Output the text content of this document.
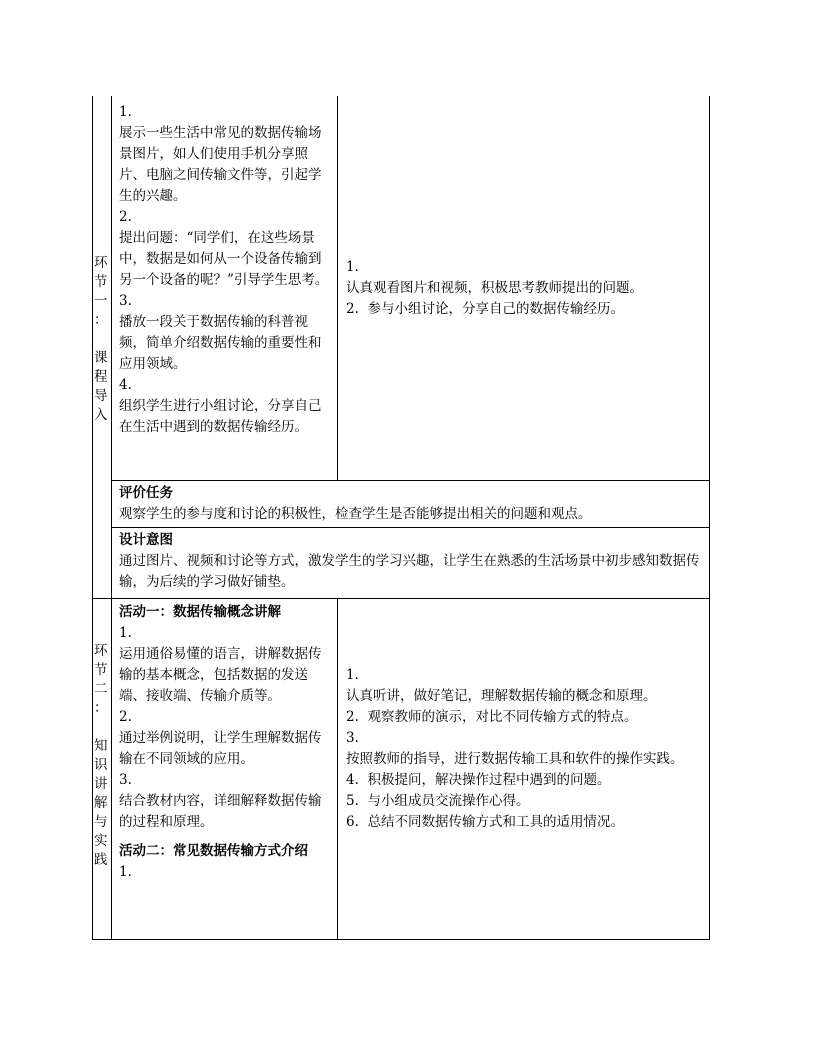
环
节
一
：

课
程
导
入

1.

展示一些生活中常见的数据传输场景图片，如人们使用手机分享照片、电脑之间传输文件等，引起学生的兴趣。

2.

提出问题：“同学们，在这些场景中，数据是如何从一个设备传输到另一个设备的呢？”引导学生思考。

3.

播放一段关于数据传输的科普视频，简单介绍数据传输的重要性和应用领域。

4.

组织学生进行小组讨论，分享自己在生活中遇到的数据传输经历。

1.

认真观看图片和视频，积极思考教师提出的问题。

2.  参与小组讨论，分享自己的数据传输经历。

评价任务

观察学生的参与度和讨论的积极性，检查学生是否能够提出相关的问题和观点。

设计意图

通过图片、视频和讨论等方式，激发学生的学习兴趣，让学生在熟悉的生活场景中初步感知数据传输，为后续的学习做好铺垫。

环
节
二
：

知
识
讲
解
与
实
践

活动一：数据传输概念讲解

1.

运用通俗易懂的语言，讲解数据传输的基本概念，包括数据的发送端、接收端、传输介质等。

2.

通过举例说明，让学生理解数据传输在不同领域的应用。

3.

结合教材内容，详细解释数据传输的过程和原理。

活动二：常见数据传输方式介绍

1.

1.

认真听讲，做好笔记，理解数据传输的概念和原理。

2.  观察教师的演示，对比不同传输方式的特点。

3.

按照教师的指导，进行数据传输工具和软件的操作实践。

4.  积极提问，解决操作过程中遇到的问题。

5.  与小组成员交流操作心得。

6.  总结不同数据传输方式和工具的适用情况。
